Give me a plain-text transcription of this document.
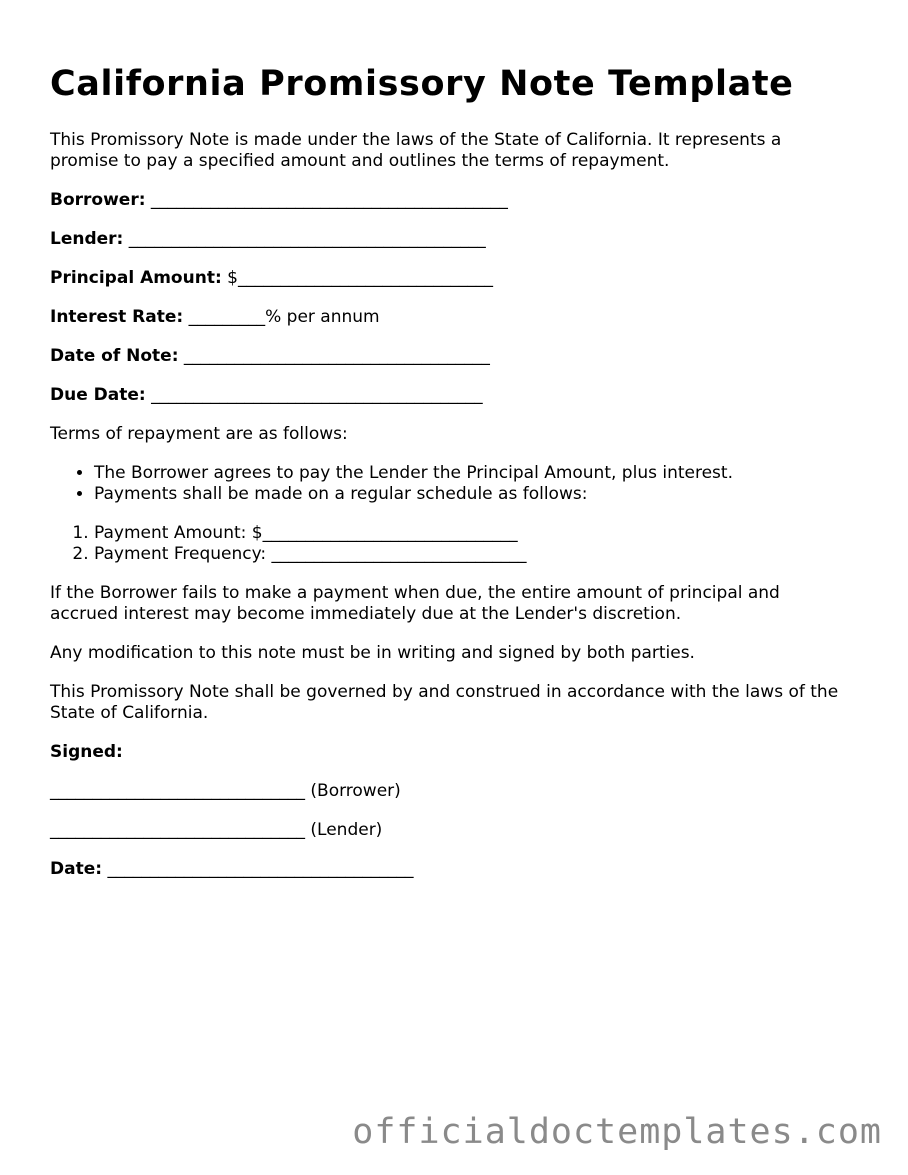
California Promissory Note Template

This Promissory Note is made under the laws of the State of California. It represents a promise to pay a specified amount and outlines the terms of repayment.

Borrower: __________________________________________

Lender: __________________________________________

Principal Amount: $______________________________

Interest Rate: _________% per annum

Date of Note: ____________________________________

Due Date: _______________________________________

Terms of repayment are as follows:

• The Borrower agrees to pay the Lender the Principal Amount, plus interest.
• Payments shall be made on a regular schedule as follows:
1. Payment Amount: $______________________________
2. Payment Frequency: ______________________________

If the Borrower fails to make a payment when due, the entire amount of principal and accrued interest may become immediately due at the Lender's discretion.

Any modification to this note must be in writing and signed by both parties.

This Promissory Note shall be governed by and construed in accordance with the laws of the State of California.

Signed:

______________________________ (Borrower)

______________________________ (Lender)

Date: ____________________________________

officialdoctemplates.com
